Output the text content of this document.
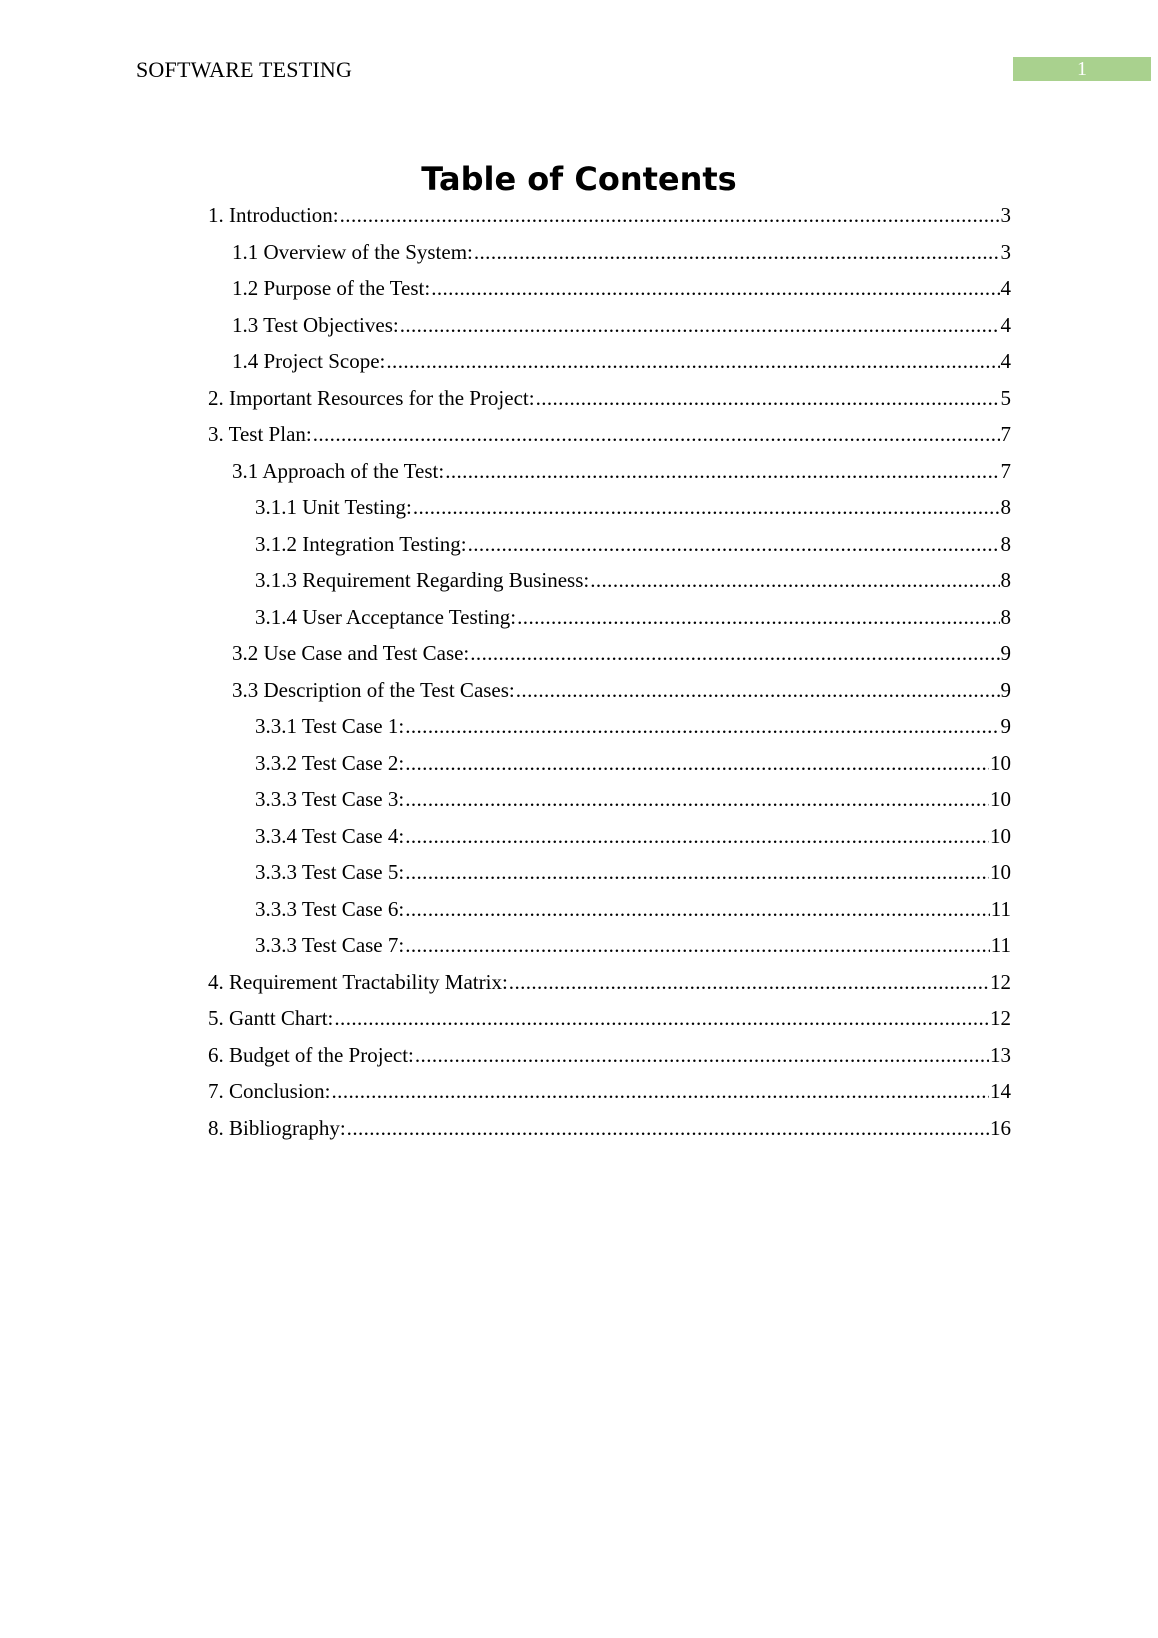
SOFTWARE TESTING	1
Table of Contents
1. Introduction: .....	3
1.1 Overview of the System: .....	3
1.2 Purpose of the Test: .....	4
1.3 Test Objectives: .....	4
1.4 Project Scope: .....	4
2. Important Resources for the Project: .....	5
3. Test Plan: .....	7
3.1 Approach of the Test: .....	7
3.1.1 Unit Testing: .....	8
3.1.2 Integration Testing: .....	8
3.1.3 Requirement Regarding Business: .....	8
3.1.4 User Acceptance Testing: .....	8
3.2 Use Case and Test Case: .....	9
3.3 Description of the Test Cases: .....	9
3.3.1 Test Case 1: .....	9
3.3.2 Test Case 2: .....	10
3.3.3 Test Case 3: .....	10
3.3.4 Test Case 4: .....	10
3.3.3 Test Case 5: .....	10
3.3.3 Test Case 6: .....	11
3.3.3 Test Case 7: .....	11
4. Requirement Tractability Matrix: .....	12
5. Gantt Chart: .....	12
6. Budget of the Project: .....	13
7. Conclusion: .....	14
8. Bibliography: .....	16
